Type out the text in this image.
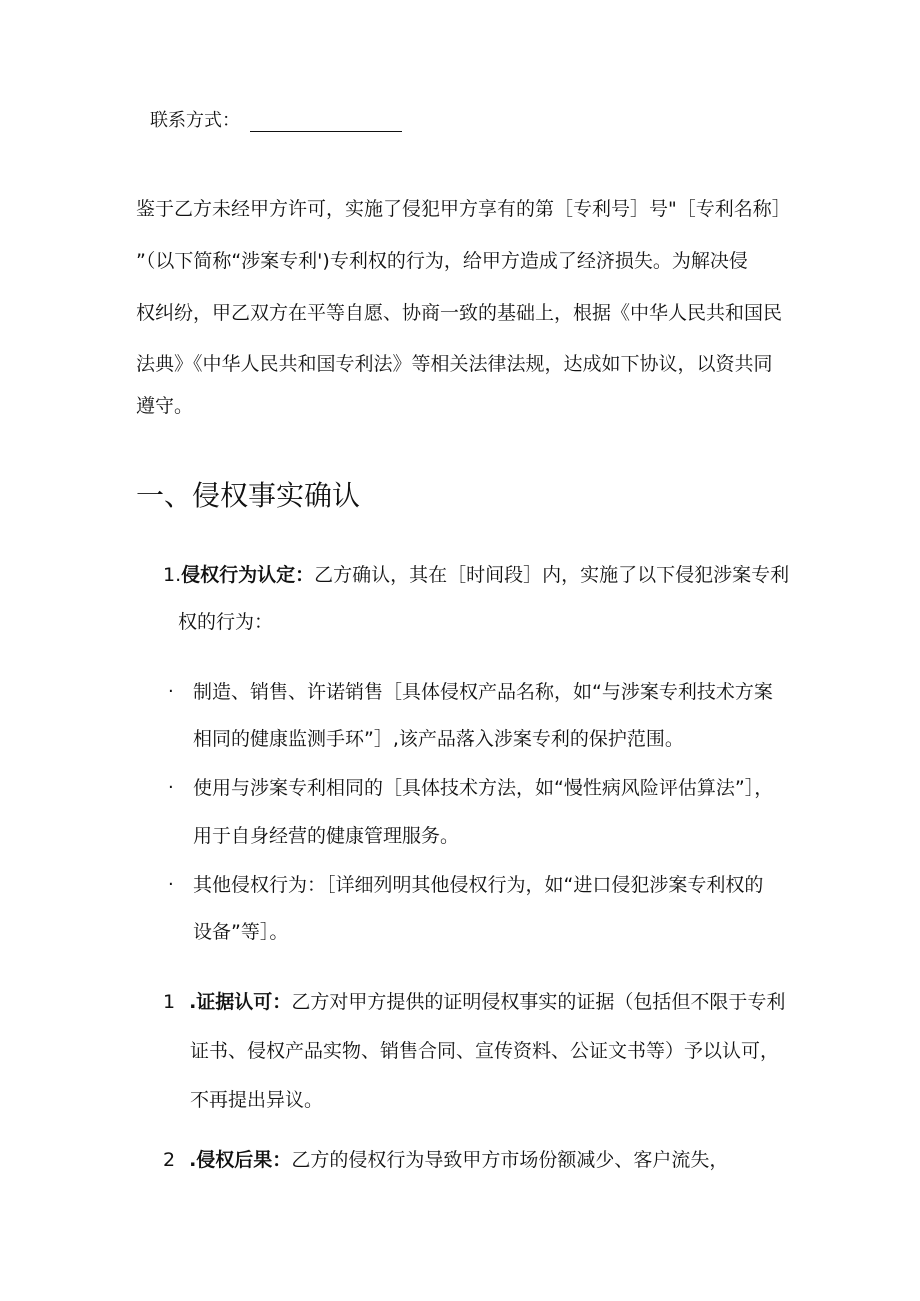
联系方式：
鉴于乙方未经甲方许可，实施了侵犯甲方享有的第［专利号］号"［专利名称］
”（以下简称“涉案专利')专利权的行为，给甲方造成了经济损失。为解决侵
权纠纷，甲乙双方在平等自愿、协商一致的基础上，根据《中华人民共和国民
法典》《中华人民共和国专利法》等相关法律法规，达成如下协议，以资共同
遵守。
一、侵权事实确认
1.侵权行为认定：乙方确认，其在［时间段］内，实施了以下侵犯涉案专利
权的行为：
· 制造、销售、许诺销售［具体侵权产品名称，如“与涉案专利技术方案
相同的健康监测手环”］,该产品落入涉案专利的保护范围。
· 使用与涉案专利相同的［具体技术方法，如“慢性病风险评估算法”］，
用于自身经营的健康管理服务。
· 其他侵权行为：［详细列明其他侵权行为，如“进口侵犯涉案专利权的
设备”等］。
1 .证据认可：乙方对甲方提供的证明侵权事实的证据（包括但不限于专利
证书、侵权产品实物、销售合同、宣传资料、公证文书等）予以认可，
不再提出异议。
2 .侵权后果：乙方的侵权行为导致甲方市场份额减少、客户流失，
